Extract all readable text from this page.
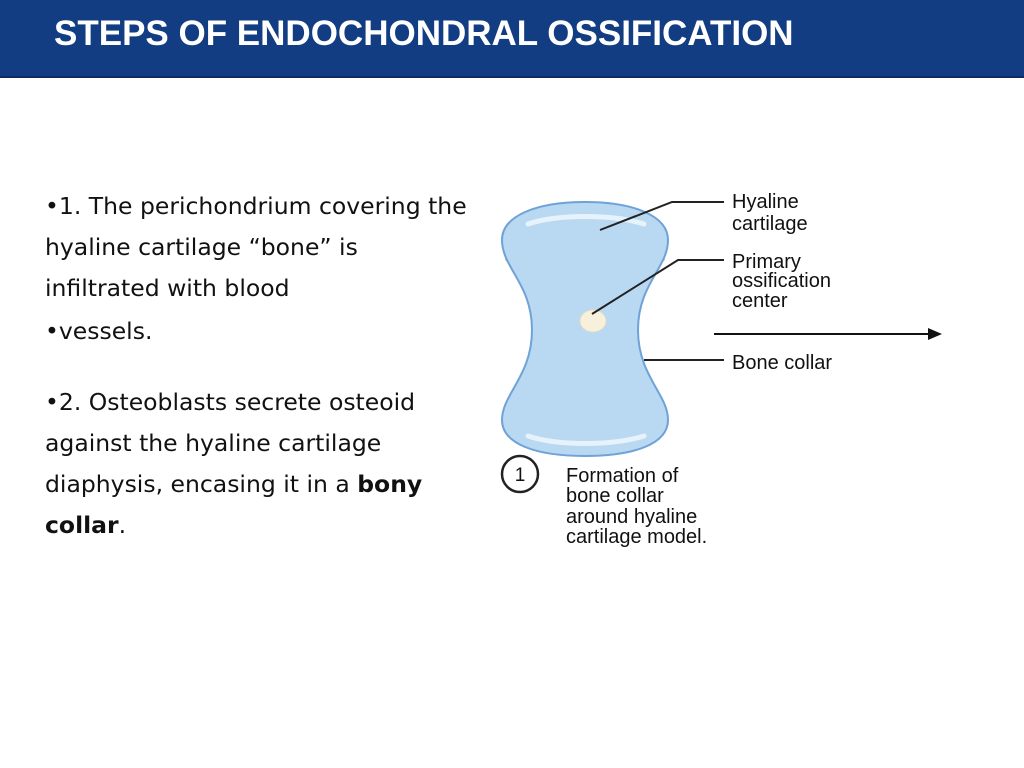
STEPS OF ENDOCHONDRAL OSSIFICATION

•1. The perichondrium covering the hyaline cartilage “bone” is infiltrated with blood

•vessels.

•2. Osteoblasts secrete osteoid against the hyaline cartilage diaphysis, encasing it in a bony collar.

Hyaline
cartilage
Primary
ossification
center
Bone collar
1 Formation of
bone collar
around hyaline
cartilage model.
